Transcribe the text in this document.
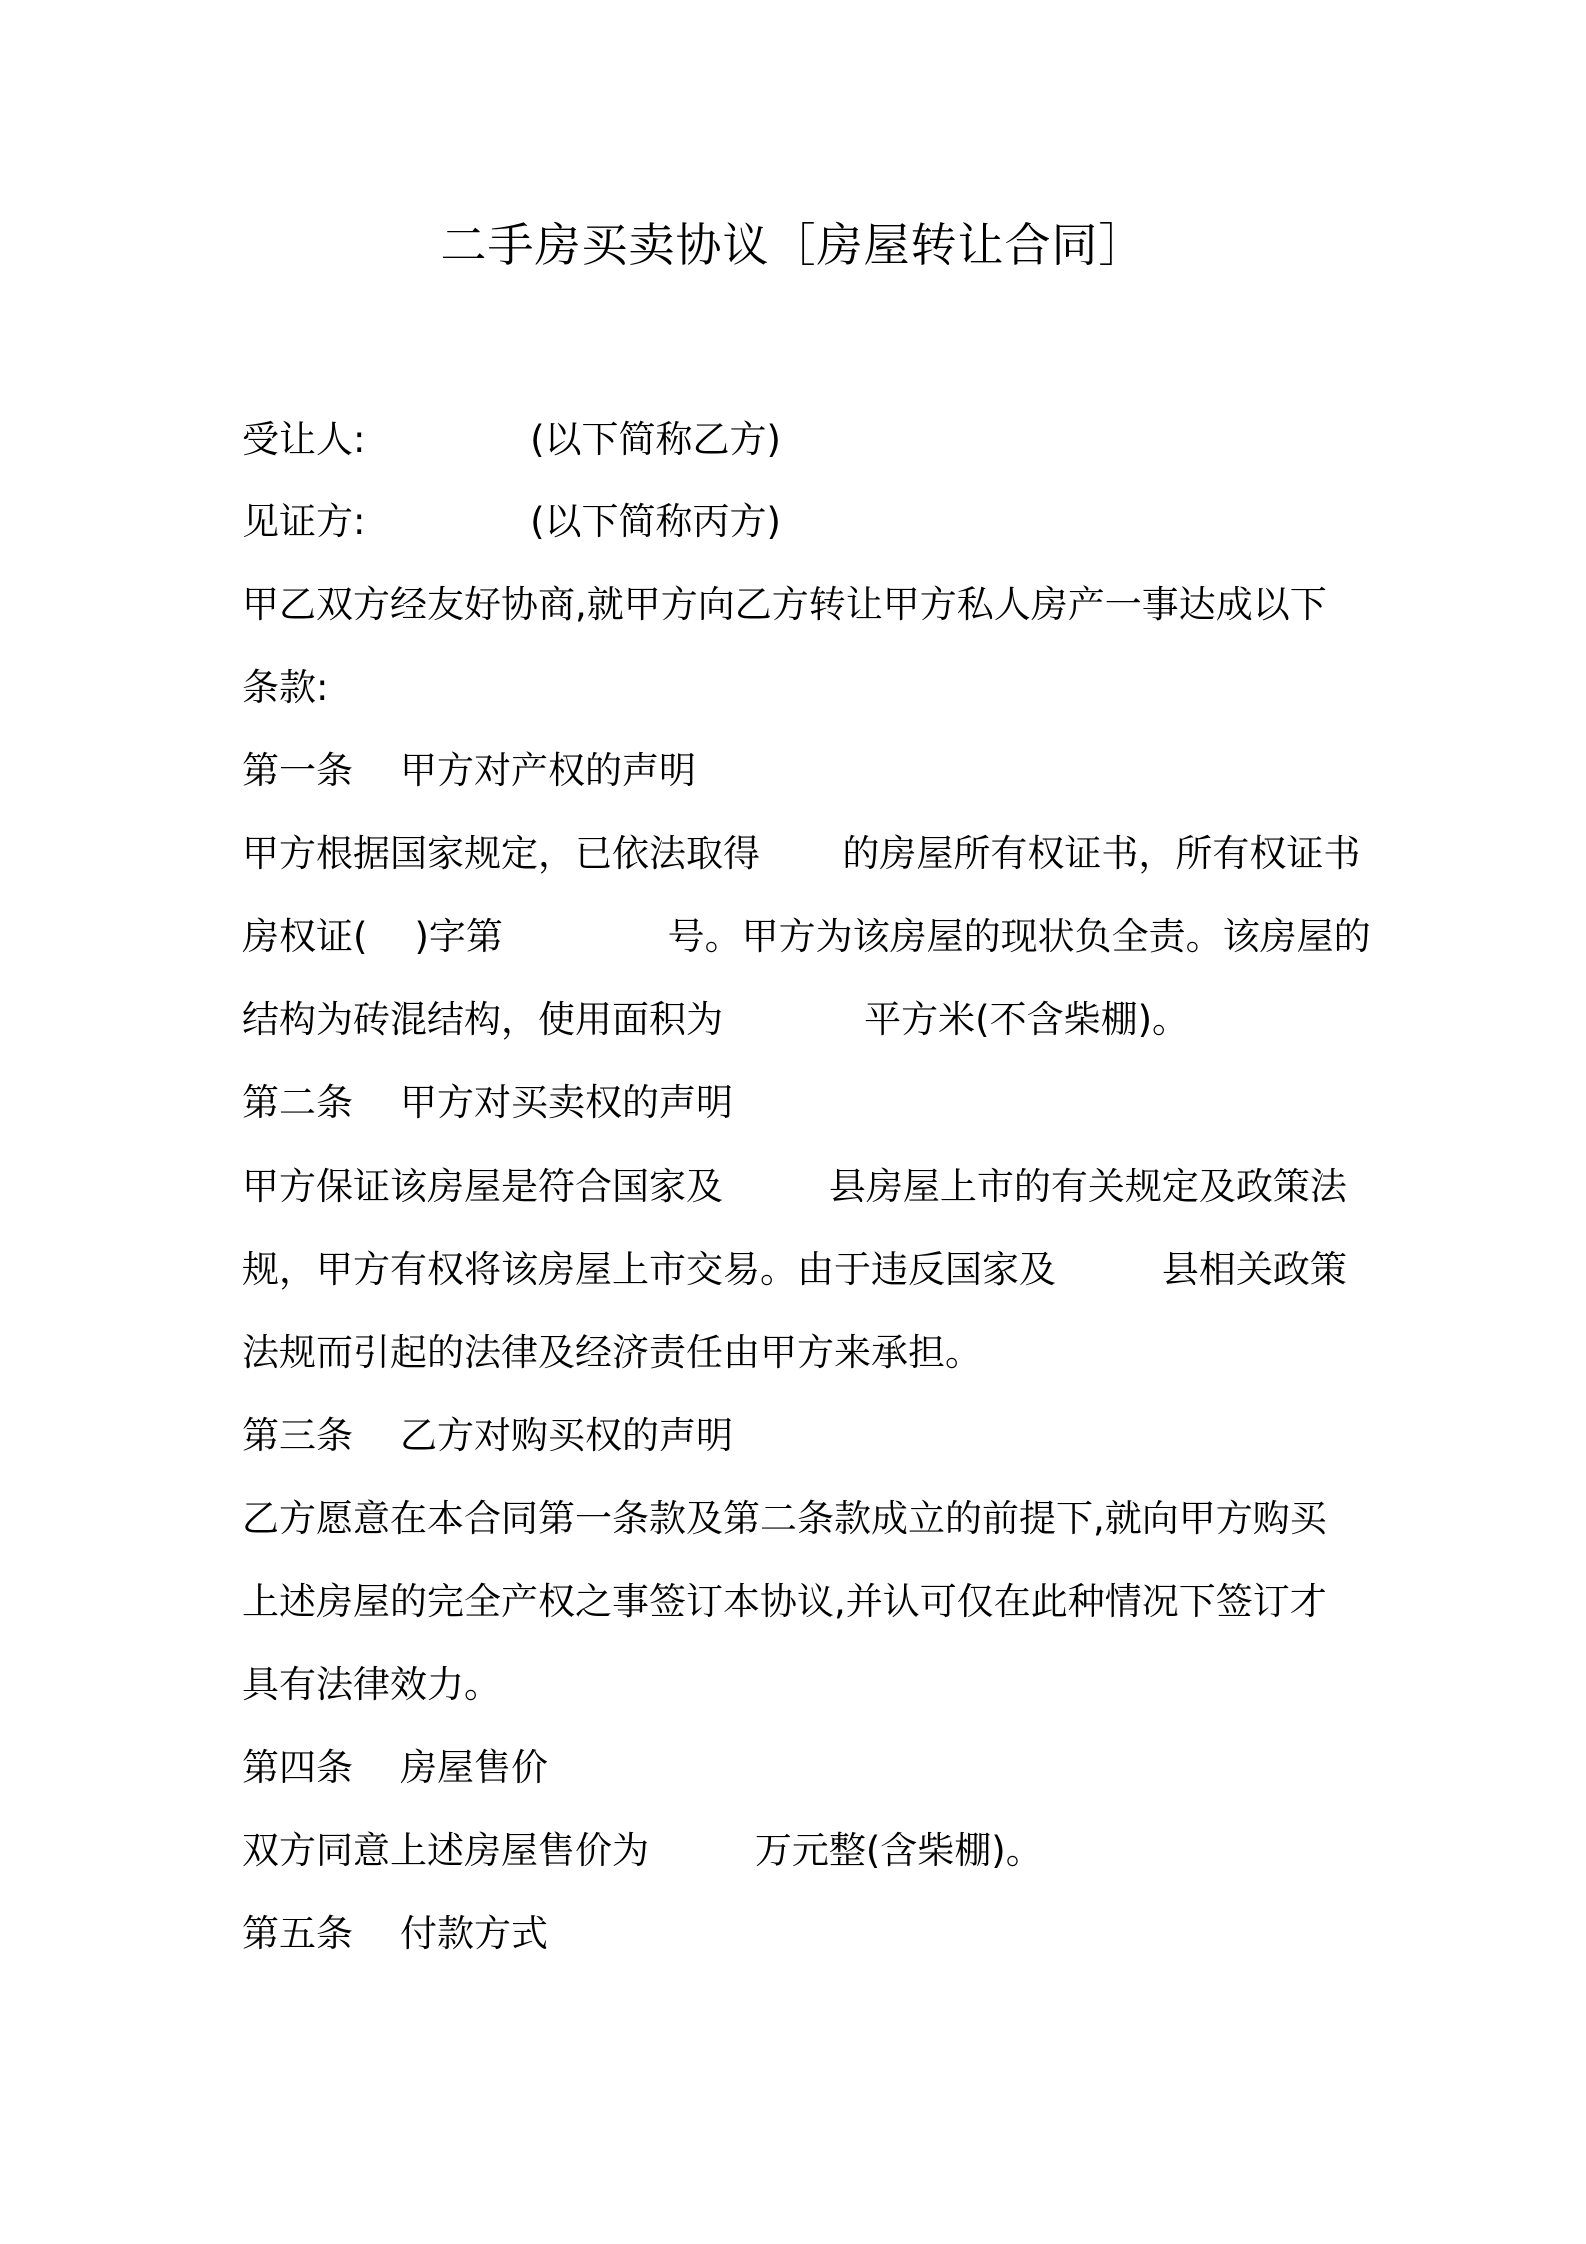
二手房买卖协议［房屋转让合同］

受让人:              (以下简称乙方)

见证方:              (以下简称丙方)

甲乙双方经友好协商,就甲方向乙方转让甲方私人房产一事达成以下

条款:

第一条    甲方对产权的声明

甲方根据国家规定，已依法取得       的房屋所有权证书，所有权证书

房权证(    )字第              号。甲方为该房屋的现状负全责。该房屋的

结构为砖混结构，使用面积为            平方米(不含柴棚)。

第二条    甲方对买卖权的声明

甲方保证该房屋是符合国家及         县房屋上市的有关规定及政策法

规，甲方有权将该房屋上市交易。由于违反国家及         县相关政策

法规而引起的法律及经济责任由甲方来承担。

第三条    乙方对购买权的声明

乙方愿意在本合同第一条款及第二条款成立的前提下,就向甲方购买

上述房屋的完全产权之事签订本协议,并认可仅在此种情况下签订才

具有法律效力。

第四条    房屋售价

双方同意上述房屋售价为         万元整(含柴棚)。

第五条    付款方式
